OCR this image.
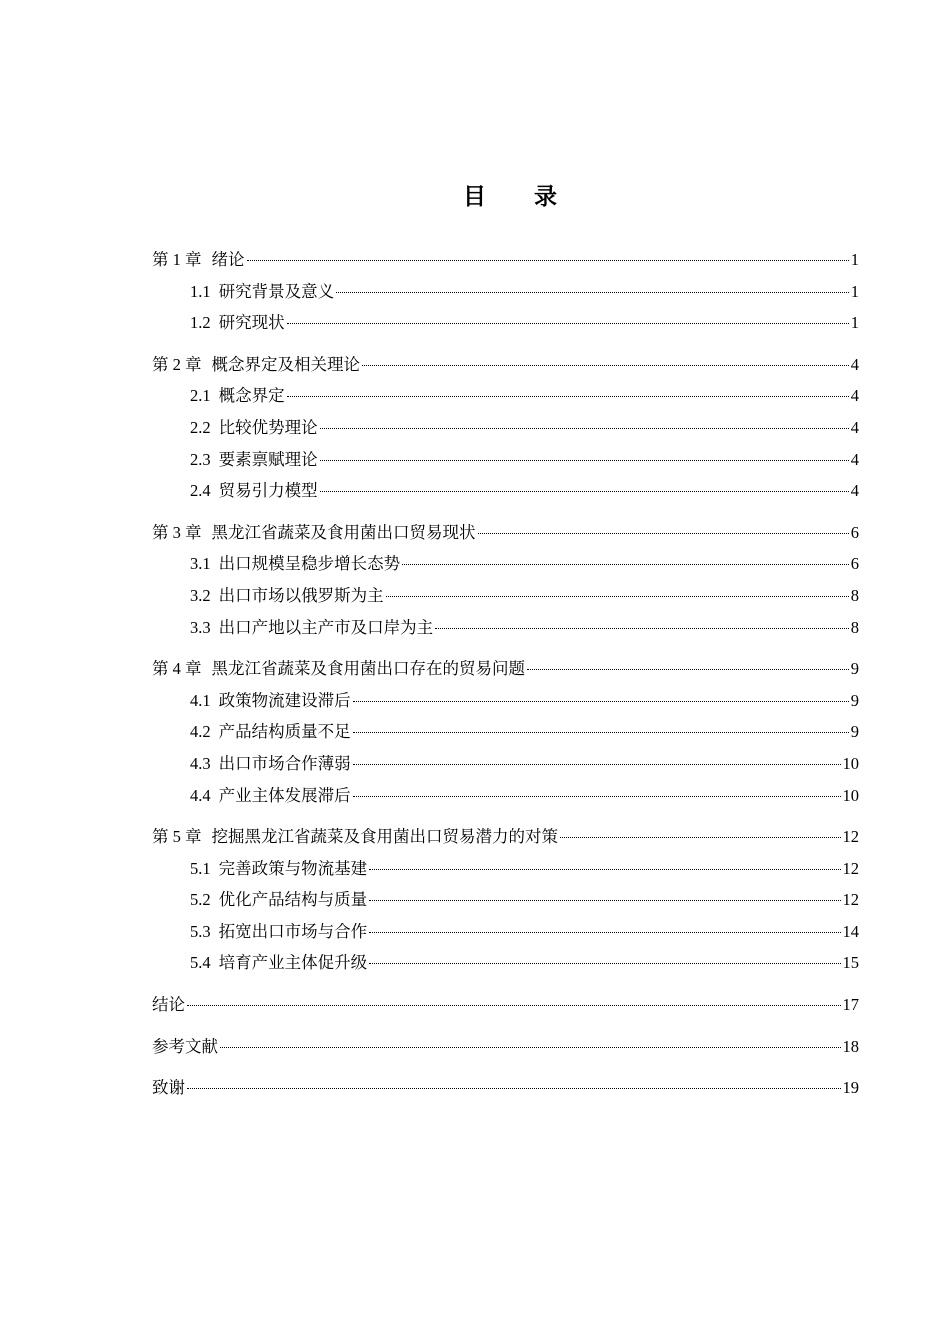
目 录
第 1 章 绪论	1
1.1 研究背景及意义	1
1.2 研究现状	1
第 2 章 概念界定及相关理论	4
2.1 概念界定	4
2.2 比较优势理论	4
2.3 要素禀赋理论	4
2.4 贸易引力模型	4
第 3 章 黑龙江省蔬菜及食用菌出口贸易现状	6
3.1 出口规模呈稳步增长态势	6
3.2 出口市场以俄罗斯为主	8
3.3 出口产地以主产市及口岸为主	8
第 4 章 黑龙江省蔬菜及食用菌出口存在的贸易问题	9
4.1 政策物流建设滞后	9
4.2 产品结构质量不足	9
4.3 出口市场合作薄弱	10
4.4 产业主体发展滞后	10
第 5 章 挖掘黑龙江省蔬菜及食用菌出口贸易潜力的对策	12
5.1 完善政策与物流基建	12
5.2 优化产品结构与质量	12
5.3 拓宽出口市场与合作	14
5.4 培育产业主体促升级	15
结论	17
参考文献	18
致谢	19
